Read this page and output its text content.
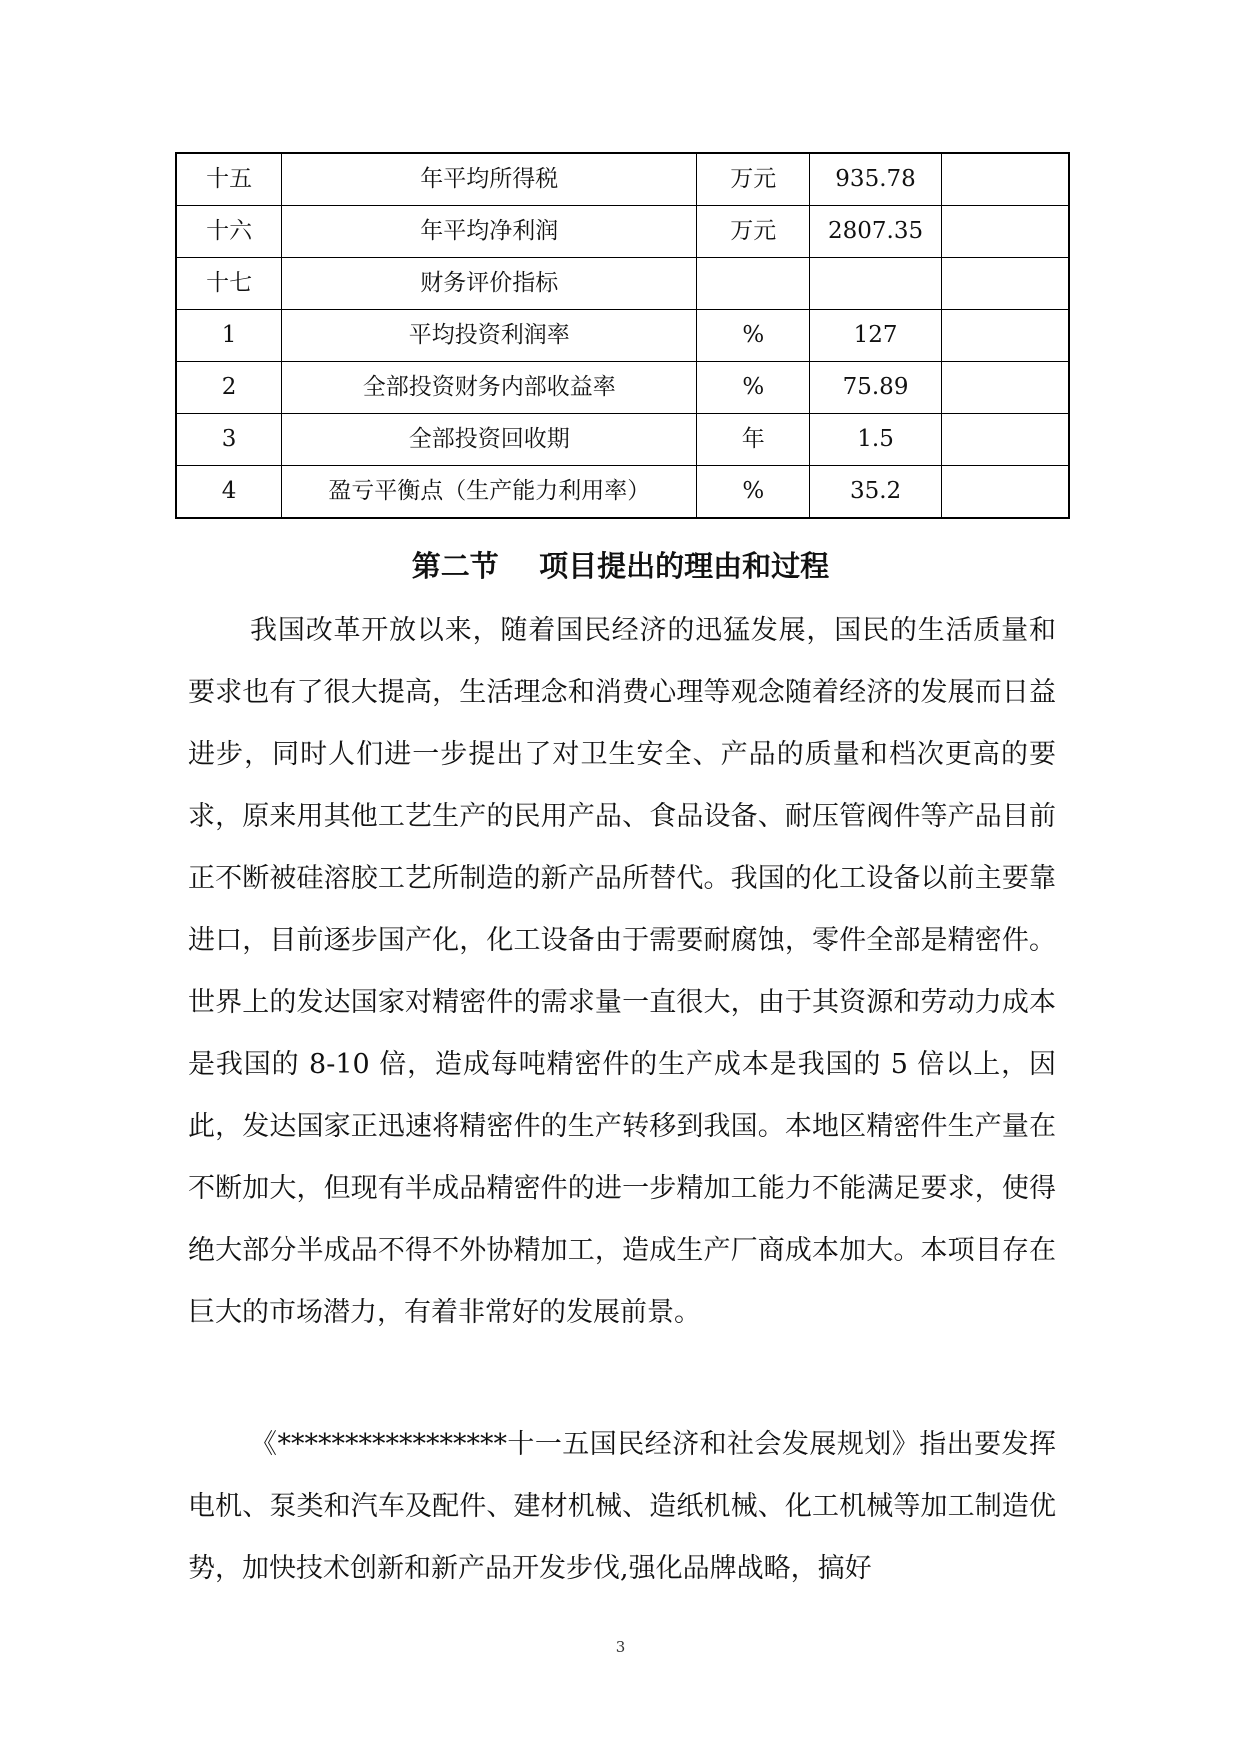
十五	年平均所得税	万元	935.78	
十六	年平均净利润	万元	2807.35	
十七	财务评价指标			
1	平均投资利润率	%	127	
2	全部投资财务内部收益率	%	75.89	
3	全部投资回收期	年	1.5	
4	盈亏平衡点（生产能力利用率）	%	35.2	
第二节    项目提出的理由和过程

我国改革开放以来，随着国民经济的迅猛发展，国民的生活质量和要求也有了很大提高，生活理念和消费心理等观念随着经济的发展而日益进步，同时人们进一步提出了对卫生安全、产品的质量和档次更高的要求，原来用其他工艺生产的民用产品、食品设备、耐压管阀件等产品目前正不断被硅溶胶工艺所制造的新产品所替代。我国的化工设备以前主要靠进口，目前逐步国产化，化工设备由于需要耐腐蚀，零件全部是精密件。世界上的发达国家对精密件的需求量一直很大，由于其资源和劳动力成本是我国的 8-10 倍，造成每吨精密件的生产成本是我国的 5 倍以上，因此，发达国家正迅速将精密件的生产转移到我国。本地区精密件生产量在不断加大，但现有半成品精密件的进一步精加工能力不能满足要求，使得绝大部分半成品不得不外协精加工，造成生产厂商成本加大。本项目存在巨大的市场潜力，有着非常好的发展前景。

《*****************十一五国民经济和社会发展规划》指出要发挥电机、泵类和汽车及配件、建材机械、造纸机械、化工机械等加工制造优势，加快技术创新和新产品开发步伐,强化品牌战略，搞好

3
